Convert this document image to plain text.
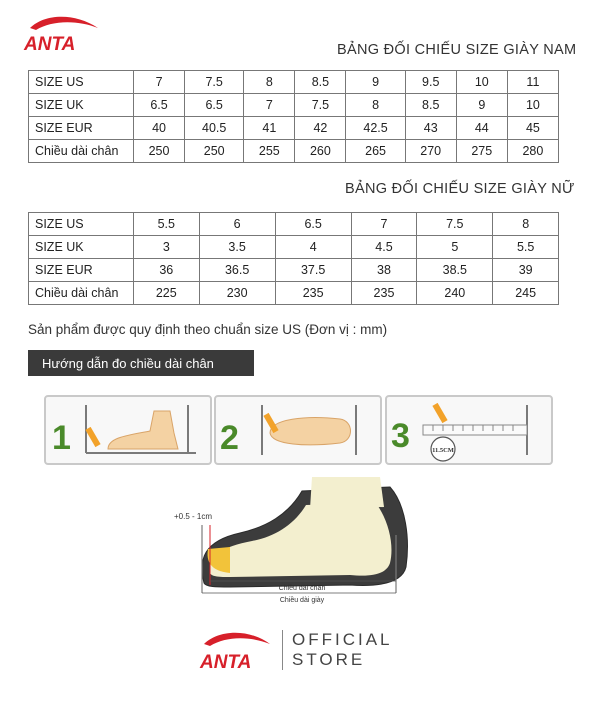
ANTA	BẢNG ĐỐI CHIẾU SIZE GIÀY NAM
SIZE US	7	7.5	8	8.5	9	9.5	10	11
SIZE UK	6.5	6.5	7	7.5	8	8.5	9	10
SIZE EUR	40	40.5	41	42	42.5	43	44	45
Chiều dài chân	250	250	255	260	265	270	275	280
BẢNG ĐỐI CHIẾU SIZE GIÀY NỮ
SIZE US	5.5	6	6.5	7	7.5	8
SIZE UK	3	3.5	4	4.5	5	5.5
SIZE EUR	36	36.5	37.5	38	38.5	39
Chiều dài chân	225	230	235	235	240	245
Sản phẩm được quy định theo chuẩn size US (Đơn vị : mm)
Hướng dẫn đo chiều dài chân
1	2	3	11.5CM
+0.5 - 1cm
Chiều dài chân
Chiều dài giày
ANTA
OFFICIAL
STORE
